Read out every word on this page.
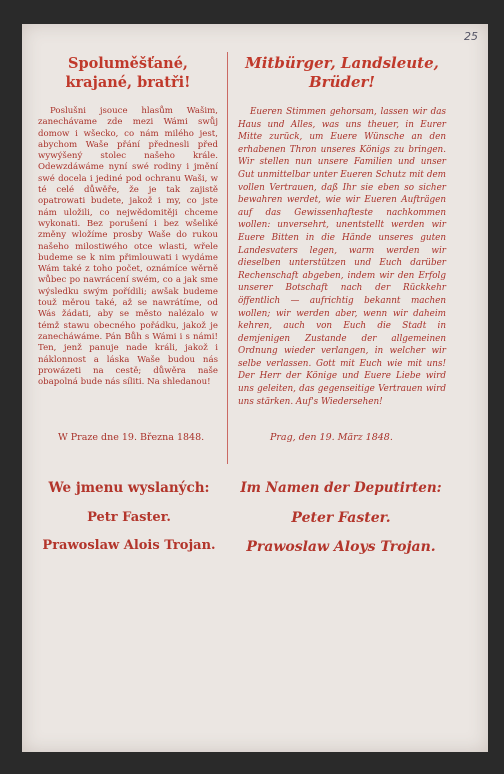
25

Spoluměšťané, krajané, bratři!

Poslušni jsouce hlasům Wašim, zanechávame zde mezi Wámi swůj domow i wšecko, co nám milého jest, abychom Waše přání přednesli před wywýšený stolec našeho krále. Odewzdáwáme nyní swé rodiny i jmění swé docela i jediné pod ochranu Waši, w té celé důwěře, že je tak zajistě opatrowati budete, jakož i my, co jste nám uložili, co nejwědomitěji chceme wykonati. Bez porušení i bez wšeliké změny wložíme prosby Waše do rukou našeho milostiwého otce wlasti, wřele budeme se k nim přimlouwati i wydáme Wám také z toho počet, oznámíce wěrně wůbec po nawrácení swém, co a jak sme wýsledku swým pořídili; awšak budeme touž měrou také, až se nawrátíme, od Wás žádati, aby se město nalézalo w témž stawu obecného pořádku, jakož je zanecháwáme. Pán Bůh s Wámi i s námi! Ten, jenž panuje nade králi, jakož i náklonnost a láska Waše budou nás prowázeti na cestě; důwěra naše obapolná bude nás síliti. Na shledanou!

Mitbürger, Landsleute, Brüder!

Eueren Stimmen gehorsam, lassen wir das Haus und Alles, was uns theuer, in Eurer Mitte zurück, um Euere Wünsche an den erhabenen Thron unseres Königs zu bringen. Wir stellen nun unsere Familien und unser Gut unmittelbar unter Eueren Schutz mit dem vollen Vertrauen, daß Ihr sie eben so sicher bewahren werdet, wie wir Eueren Aufträgen auf das Gewissenhafteste nachkommen wollen: unversehrt, unentstellt werden wir Euere Bitten in die Hände unseres guten Landesvaters legen, warm werden wir dieselben unterstützen und Euch darüber Rechenschaft abgeben, indem wir den Erfolg unserer Botschaft nach der Rückkehr öffentlich — aufrichtig bekannt machen wollen; wir werden aber, wenn wir daheim kehren, auch von Euch die Stadt in demjenigen Zustande der allgemeinen Ordnung wieder verlangen, in welcher wir selbe verlassen. Gott mit Euch wie mit uns! Der Herr der Könige und Euere Liebe wird uns geleiten, das gegenseitige Vertrauen wird uns stärken. Auf's Wiedersehen!

W Praze dne 19. Března 1848.	Prag, den 19. März 1848.
We jmenu wyslaných:
Petr Faster.
Prawoslaw Alois Trojan.
Im Namen der Deputirten:
Peter Faster.
Prawoslaw Aloys Trojan.
